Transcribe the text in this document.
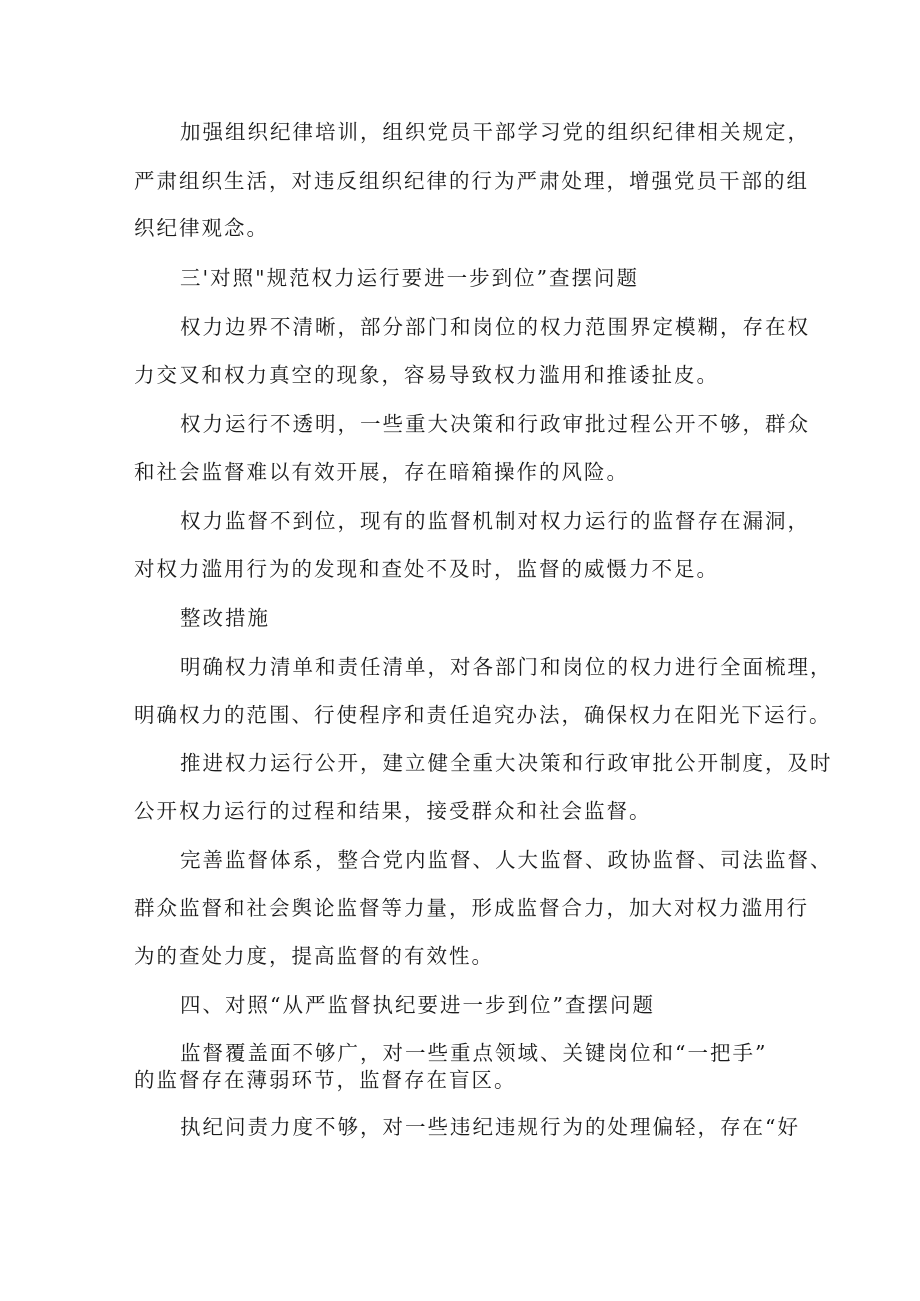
加强组织纪律培训，组织党员干部学习党的组织纪律相关规定，
严肃组织生活，对违反组织纪律的行为严肃处理，增强党员干部的组
织纪律观念。
三'对照"规范权力运行要进一步到位”查摆问题
权力边界不清晰，部分部门和岗位的权力范围界定模糊，存在权
力交叉和权力真空的现象，容易导致权力滥用和推诿扯皮。
权力运行不透明，一些重大决策和行政审批过程公开不够，群众
和社会监督难以有效开展，存在暗箱操作的风险。
权力监督不到位，现有的监督机制对权力运行的监督存在漏洞，
对权力滥用行为的发现和查处不及时，监督的威慑力不足。
整改措施
明确权力清单和责任清单，对各部门和岗位的权力进行全面梳理，
明确权力的范围、行使程序和责任追究办法，确保权力在阳光下运行。
推进权力运行公开，建立健全重大决策和行政审批公开制度，及时
公开权力运行的过程和结果，接受群众和社会监督。
完善监督体系，整合党内监督、人大监督、政协监督、司法监督、
群众监督和社会舆论监督等力量，形成监督合力，加大对权力滥用行
为的查处力度，提高监督的有效性。
四、对照“从严监督执纪要进一步到位”查摆问题
监督覆盖面不够广，对一些重点领域、关键岗位和“一把手”
的监督存在薄弱环节，监督存在盲区。
执纪问责力度不够，对一些违纪违规行为的处理偏轻，存在“好
